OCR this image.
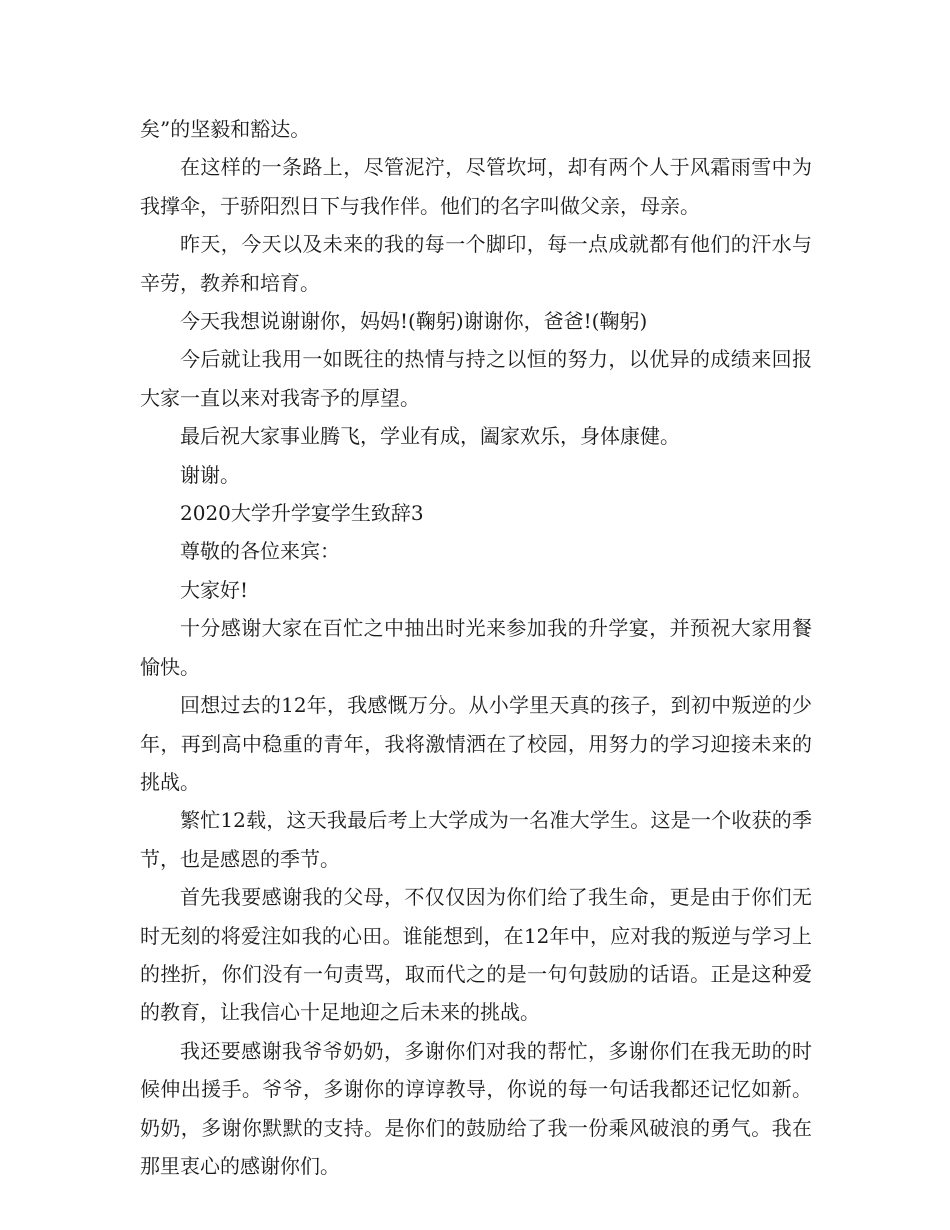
矣”的坚毅和豁达。

在这样的一条路上，尽管泥泞，尽管坎坷，却有两个人于风霜雨雪中为我撑伞，于骄阳烈日下与我作伴。他们的名字叫做父亲，母亲。

昨天，今天以及未来的我的每一个脚印，每一点成就都有他们的汗水与辛劳，教养和培育。

今天我想说谢谢你，妈妈!(鞠躬)谢谢你，爸爸!(鞠躬)

今后就让我用一如既往的热情与持之以恒的努力，以优异的成绩来回报大家一直以来对我寄予的厚望。

最后祝大家事业腾飞，学业有成，阖家欢乐，身体康健。

谢谢。

2020大学升学宴学生致辞3

尊敬的各位来宾：

大家好!

十分感谢大家在百忙之中抽出时光来参加我的升学宴，并预祝大家用餐愉快。

回想过去的12年，我感慨万分。从小学里天真的孩子，到初中叛逆的少年，再到高中稳重的青年，我将激情洒在了校园，用努力的学习迎接未来的挑战。

繁忙12载，这天我最后考上大学成为一名准大学生。这是一个收获的季节，也是感恩的季节。

首先我要感谢我的父母，不仅仅因为你们给了我生命，更是由于你们无时无刻的将爱注如我的心田。谁能想到，在12年中，应对我的叛逆与学习上的挫折，你们没有一句责骂，取而代之的是一句句鼓励的话语。正是这种爱的教育，让我信心十足地迎之后未来的挑战。

我还要感谢我爷爷奶奶，多谢你们对我的帮忙，多谢你们在我无助的时候伸出援手。爷爷，多谢你的谆谆教导，你说的每一句话我都还记忆如新。奶奶，多谢你默默的支持。是你们的鼓励给了我一份乘风破浪的勇气。我在那里衷心的感谢你们。
